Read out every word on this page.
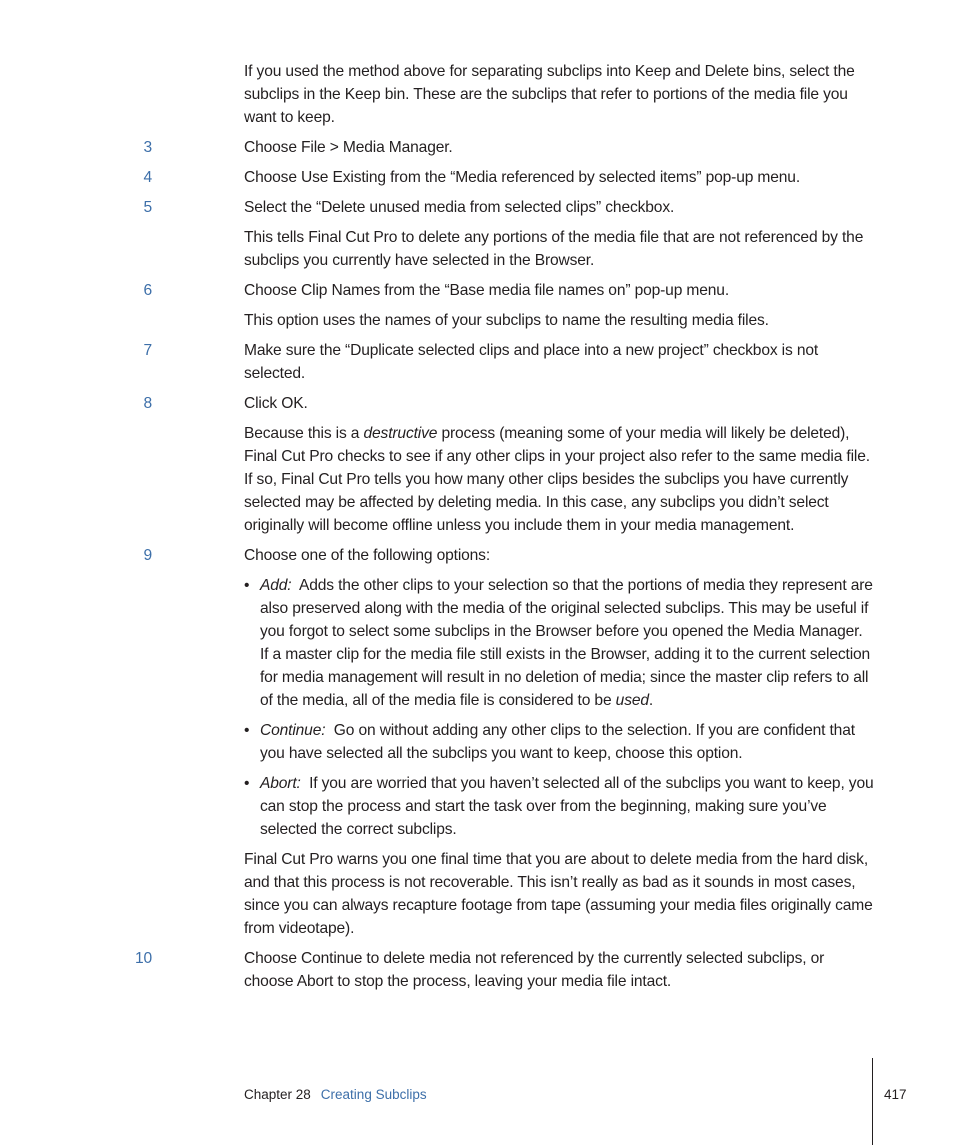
If you used the method above for separating subclips into Keep and Delete bins, select the subclips in the Keep bin. These are the subclips that refer to portions of the media file you want to keep.
3	Choose File > Media Manager.
4	Choose Use Existing from the “Media referenced by selected items” pop-up menu.
5	Select the “Delete unused media from selected clips” checkbox.
This tells Final Cut Pro to delete any portions of the media file that are not referenced by the subclips you currently have selected in the Browser.
6	Choose Clip Names from the “Base media file names on” pop-up menu.
This option uses the names of your subclips to name the resulting media files.
7	Make sure the “Duplicate selected clips and place into a new project” checkbox is not selected.
8	Click OK.
Because this is a destructive process (meaning some of your media will likely be deleted), Final Cut Pro checks to see if any other clips in your project also refer to the same media file. If so, Final Cut Pro tells you how many other clips besides the subclips you have currently selected may be affected by deleting media. In this case, any subclips you didn’t select originally will become offline unless you include them in your media management.
9	Choose one of the following options:
• Add: Adds the other clips to your selection so that the portions of media they represent are also preserved along with the media of the original selected subclips. This may be useful if you forgot to select some subclips in the Browser before you opened the Media Manager. If a master clip for the media file still exists in the Browser, adding it to the current selection for media management will result in no deletion of media; since the master clip refers to all of the media, all of the media file is considered to be used.
• Continue: Go on without adding any other clips to the selection. If you are confident that you have selected all the subclips you want to keep, choose this option.
• Abort: If you are worried that you haven’t selected all of the subclips you want to keep, you can stop the process and start the task over from the beginning, making sure you’ve selected the correct subclips.
Final Cut Pro warns you one final time that you are about to delete media from the hard disk, and that this process is not recoverable. This isn’t really as bad as it sounds in most cases, since you can always recapture footage from tape (assuming your media files originally came from videotape).
10	Choose Continue to delete media not referenced by the currently selected subclips, or choose Abort to stop the process, leaving your media file intact.
Chapter 28 Creating Subclips	417
